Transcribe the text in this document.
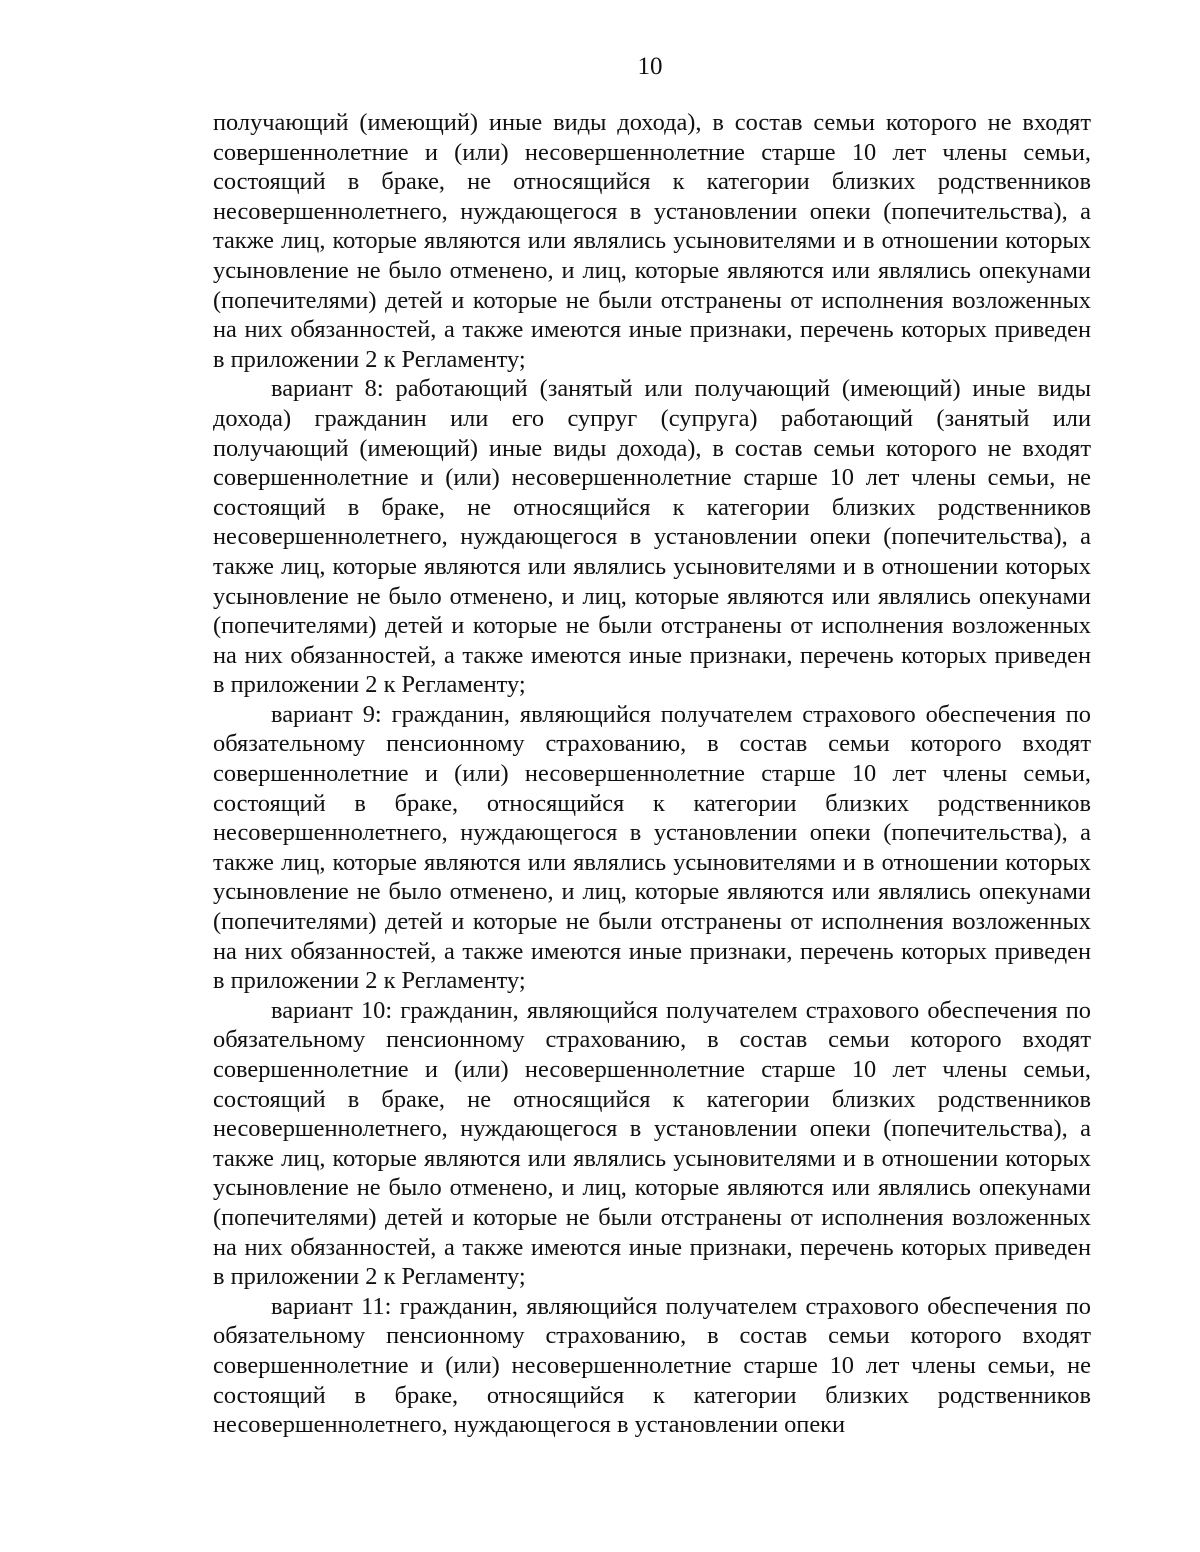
10

получающий (имеющий) иные виды дохода), в состав семьи которого не входят совершеннолетние и (или) несовершеннолетние старше 10 лет члены семьи, состоящий в браке, не относящийся к категории близких родственников несовершеннолетнего, нуждающегося в установлении опеки (попечительства), а также лиц, которые являются или являлись усыновителями и в отношении которых усыновление не было отменено, и лиц, которые являются или являлись опекунами (попечителями) детей и которые не были отстранены от исполнения возложенных на них обязанностей, а также имеются иные признаки, перечень которых приведен в приложении 2 к Регламенту;

вариант 8: работающий (занятый или получающий (имеющий) иные виды дохода) гражданин или его супруг (супруга) работающий (занятый или получающий (имеющий) иные виды дохода), в состав семьи которого не входят совершеннолетние и (или) несовершеннолетние старше 10 лет члены семьи, не состоящий в браке, не относящийся к категории близких родственников несовершеннолетнего, нуждающегося в установлении опеки (попечительства), а также лиц, которые являются или являлись усыновителями и в отношении которых усыновление не было отменено, и лиц, которые являются или являлись опекунами (попечителями) детей и которые не были отстранены от исполнения возложенных на них обязанностей, а также имеются иные признаки, перечень которых приведен в приложении 2 к Регламенту;

вариант 9: гражданин, являющийся получателем страхового обеспечения по обязательному пенсионному страхованию, в состав семьи которого входят совершеннолетние и (или) несовершеннолетние старше 10 лет члены семьи, состоящий в браке, относящийся к категории близких родственников несовершеннолетнего, нуждающегося в установлении опеки (попечительства), а также лиц, которые являются или являлись усыновителями и в отношении которых усыновление не было отменено, и лиц, которые являются или являлись опекунами (попечителями) детей и которые не были отстранены от исполнения возложенных на них обязанностей, а также имеются иные признаки, перечень которых приведен в приложении 2 к Регламенту;

вариант 10: гражданин, являющийся получателем страхового обеспечения по обязательному пенсионному страхованию, в состав семьи которого входят совершеннолетние и (или) несовершеннолетние старше 10 лет члены семьи, состоящий в браке, не относящийся к категории близких родственников несовершеннолетнего, нуждающегося в установлении опеки (попечительства), а также лиц, которые являются или являлись усыновителями и в отношении которых усыновление не было отменено, и лиц, которые являются или являлись опекунами (попечителями) детей и которые не были отстранены от исполнения возложенных на них обязанностей, а также имеются иные признаки, перечень которых приведен в приложении 2 к Регламенту;

вариант 11: гражданин, являющийся получателем страхового обеспечения по обязательному пенсионному страхованию, в состав семьи которого входят совершеннолетние и (или) несовершеннолетние старше 10 лет члены семьи, не состоящий в браке, относящийся к категории близких родственников несовершеннолетнего, нуждающегося в установлении опеки
